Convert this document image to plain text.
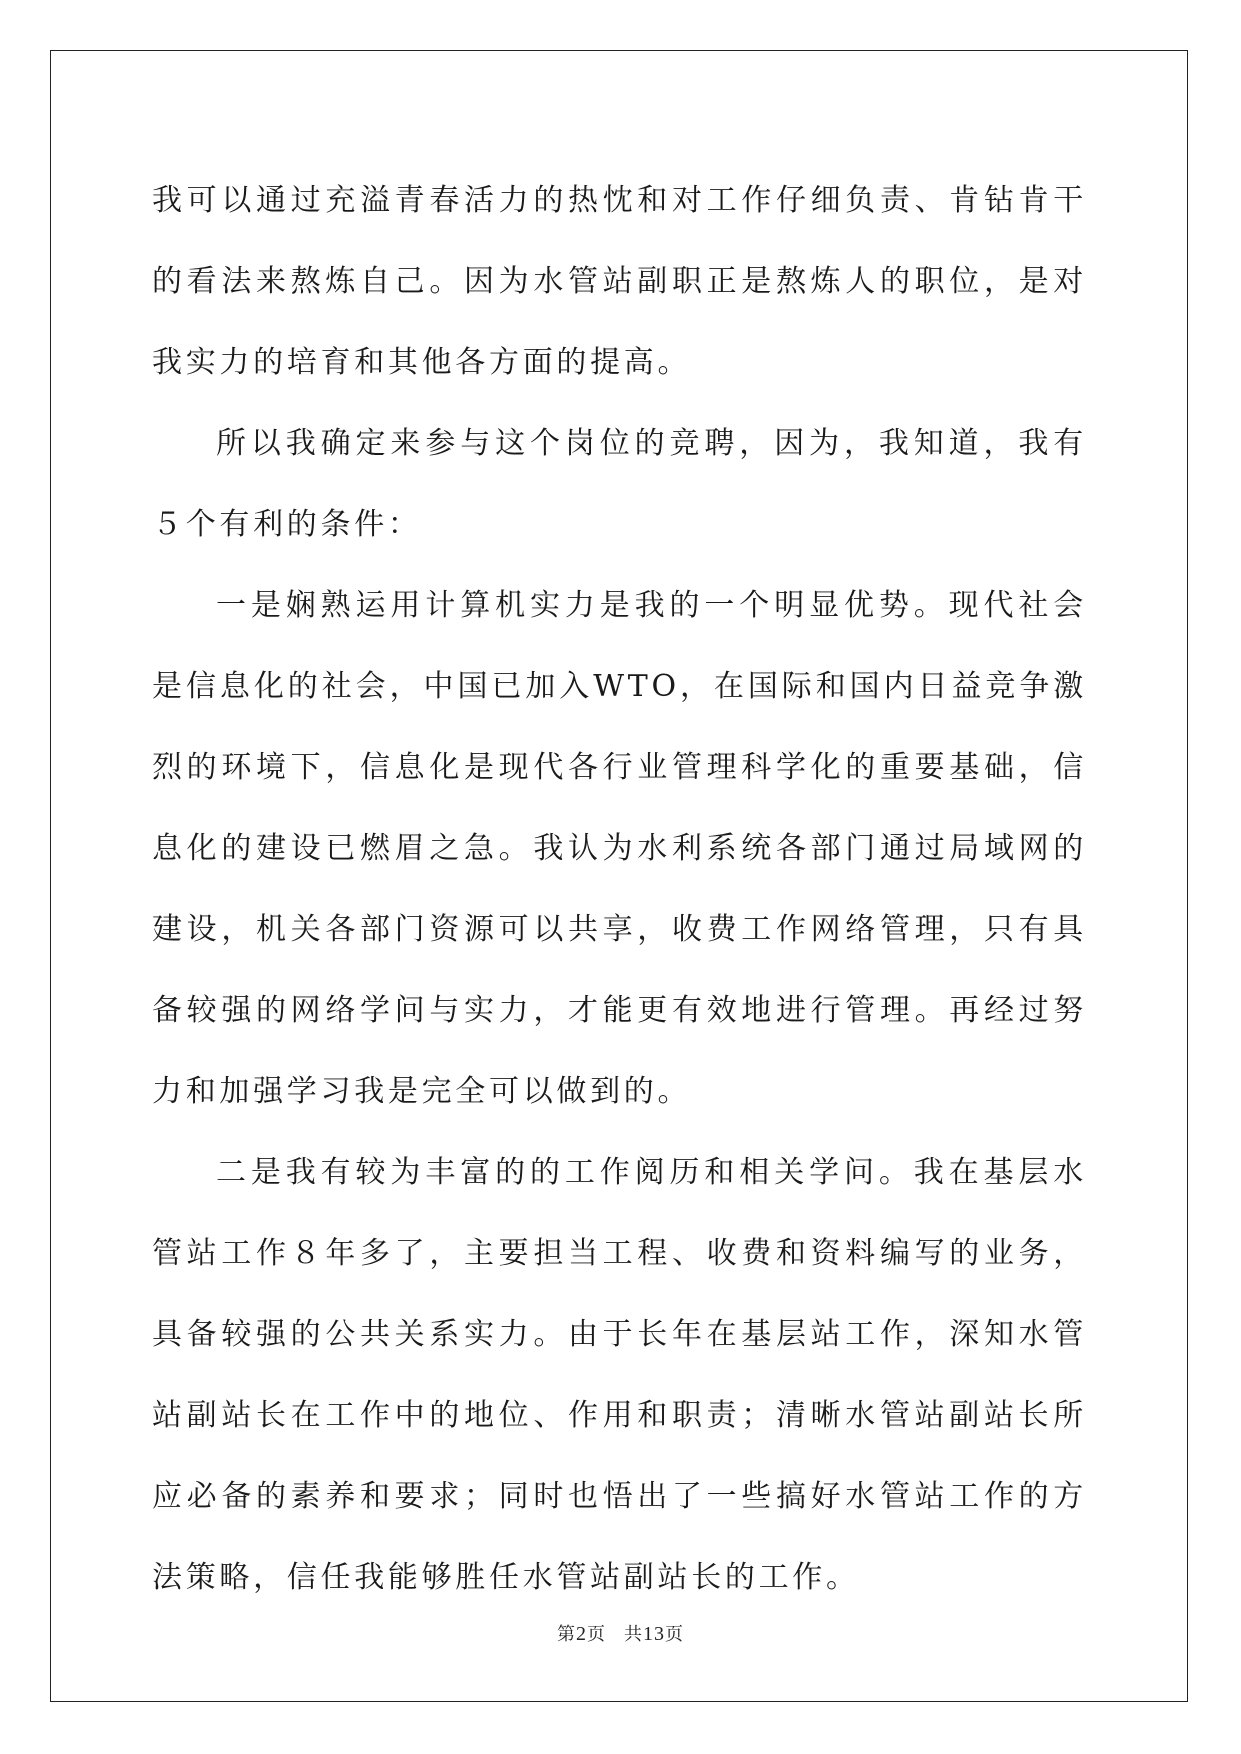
我可以通过充溢青春活力的热忱和对工作仔细负责、肯钻肯干的看法来熬炼自己。因为水管站副职正是熬炼人的职位，是对我实力的培育和其他各方面的提高。

所以我确定来参与这个岗位的竞聘，因为，我知道，我有５个有利的条件：

一是娴熟运用计算机实力是我的一个明显优势。现代社会是信息化的社会，中国已加入WTO，在国际和国内日益竞争激烈的环境下，信息化是现代各行业管理科学化的重要基础，信息化的建设已燃眉之急。我认为水利系统各部门通过局域网的建设，机关各部门资源可以共享，收费工作网络管理，只有具备较强的网络学问与实力，才能更有效地进行管理。再经过努力和加强学习我是完全可以做到的。

二是我有较为丰富的的工作阅历和相关学问。我在基层水管站工作８年多了，主要担当工程、收费和资料编写的业务，具备较强的公共关系实力。由于长年在基层站工作，深知水管站副站长在工作中的地位、作用和职责；清晰水管站副站长所应必备的素养和要求；同时也悟出了一些搞好水管站工作的方法策略，信任我能够胜任水管站副站长的工作。

第2页 共13页
